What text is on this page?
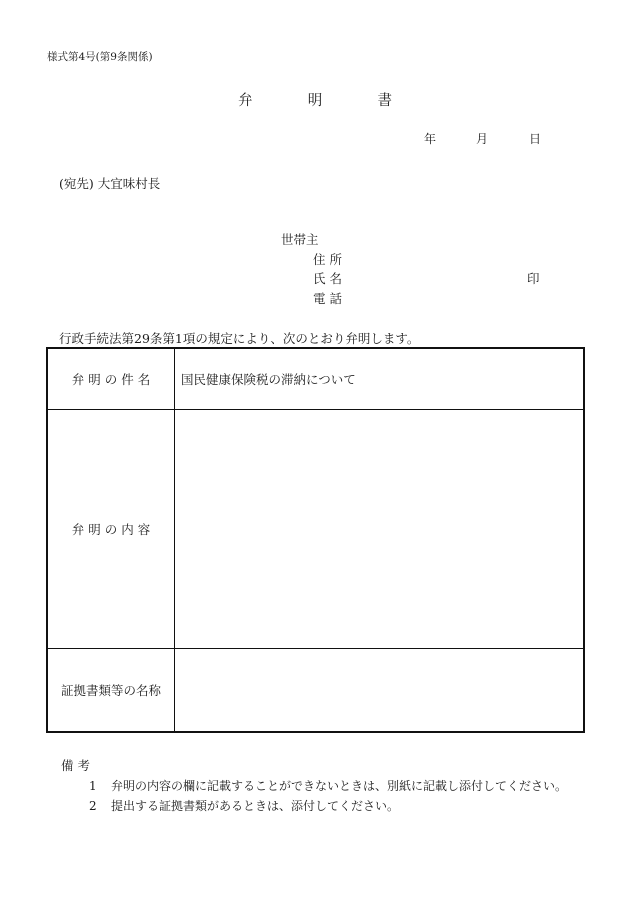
様式第4号(第9条関係)
弁	明	書
年	月	日
(宛先) 大宜味村長
世帯主
住 所
氏 名	印
電 話
行政手続法第29条第1項の規定により、次のとおり弁明します。
弁 明 の 件 名	国民健康保険税の滞納について
弁 明 の 内 容
証拠書類等の名称
備 考
1 弁明の内容の欄に記載することができないときは、別紙に記載し添付してください。
2 提出する証拠書類があるときは、添付してください。
